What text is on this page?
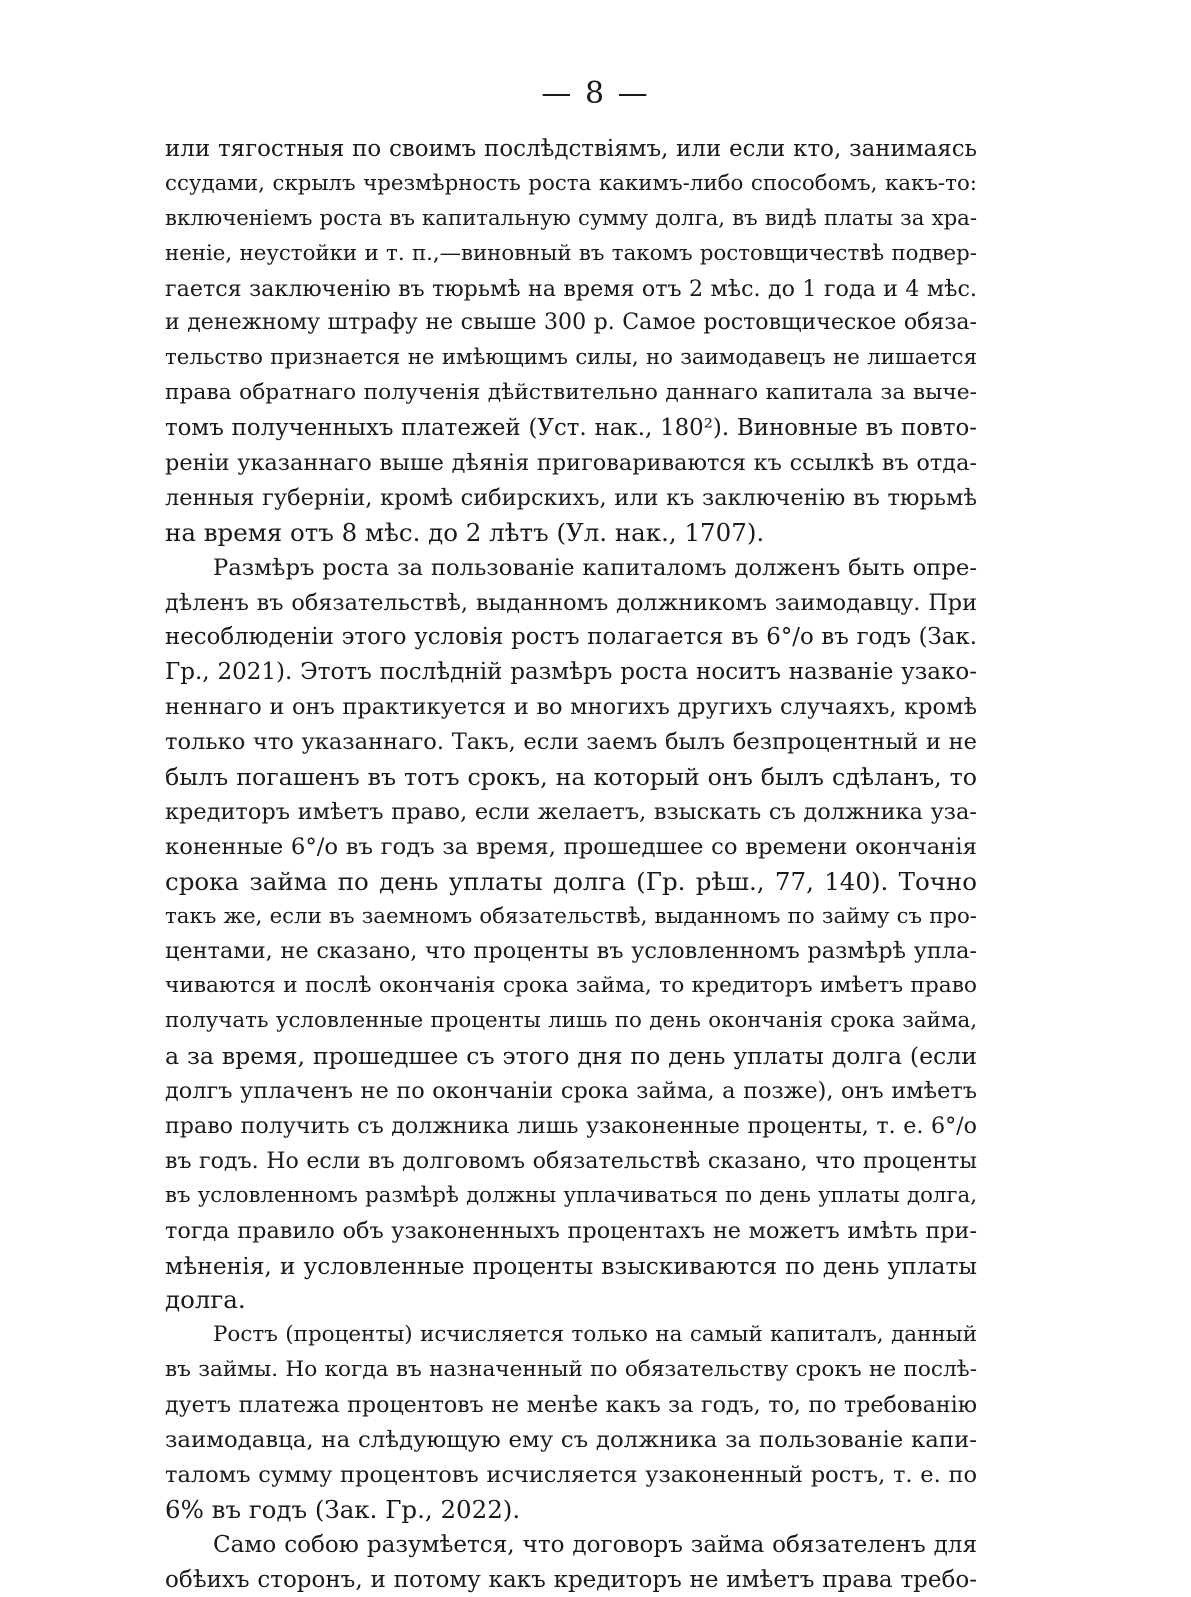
— 8 —
или тягостныя по своимъ послѣдствіямъ, или если кто, занимаясь
ссудами, скрылъ чрезмѣрность роста какимъ-либо способомъ, какъ-то:
включеніемъ роста въ капитальную сумму долга, въ видѣ платы за хра-
неніе, неустойки и т. п.,—виновный въ такомъ ростовщичествѣ подвер-
гается заключенію въ тюрьмѣ на время отъ 2 мѣс. до 1 года и 4 мѣс.
и денежному штрафу не свыше 300 р. Самое ростовщическое обяза-
тельство признается не имѣющимъ силы, но заимодавецъ не лишается
права обратнаго полученія дѣйствительно даннаго капитала за выче-
томъ полученныхъ платежей (Уст. нак., 180²). Виновные въ повто-
реніи указаннаго выше дѣянія приговариваются къ ссылкѣ въ отда-
ленныя губерніи, кромѣ сибирскихъ, или къ заключенію въ тюрьмѣ
на время отъ 8 мѣс. до 2 лѣтъ (Ул. нак., 1707).
Размѣръ роста за пользованіе капиталомъ долженъ быть опре-
дѣленъ въ обязательствѣ, выданномъ должникомъ заимодавцу. При
несоблюденіи этого условія ростъ полагается въ 6°/о въ годъ (Зак.
Гр., 2021). Этотъ послѣдній размѣръ роста носитъ названіе узако-
неннаго и онъ практикуется и во многихъ другихъ случаяхъ, кромѣ
только что указаннаго. Такъ, если заемъ былъ безпроцентный и не
былъ погашенъ въ тотъ срокъ, на который онъ былъ сдѣланъ, то
кредиторъ имѣетъ право, если желаетъ, взыскать съ должника уза-
коненные 6°/о въ годъ за время, прошедшее со времени окончанія
срока займа по день уплаты долга (Гр. рѣш., 77, 140). Точно
такъ же, если въ заемномъ обязательствѣ, выданномъ по займу съ про-
центами, не сказано, что проценты въ условленномъ размѣрѣ упла-
чиваются и послѣ окончанія срока займа, то кредиторъ имѣетъ право
получать условленные проценты лишь по день окончанія срока займа,
а за время, прошедшее съ этого дня по день уплаты долга (если
долгъ уплаченъ не по окончаніи срока займа, а позже), онъ имѣетъ
право получить съ должника лишь узаконенные проценты, т. е. 6°/о
въ годъ. Но если въ долговомъ обязательствѣ сказано, что проценты
въ условленномъ размѣрѣ должны уплачиваться по день уплаты долга,
тогда правило объ узаконенныхъ процентахъ не можетъ имѣть при-
мѣненія, и условленные проценты взыскиваются по день уплаты
долга.
Ростъ (проценты) исчисляется только на самый капиталъ, данный
въ займы. Но когда въ назначенный по обязательству срокъ не послѣ-
дуетъ платежа процентовъ не менѣе какъ за годъ, то, по требованію
заимодавца, на слѣдующую ему съ должника за пользованіе капи-
таломъ сумму процентовъ исчисляется узаконенный ростъ, т. е. по
6% въ годъ (Зак. Гр., 2022).
Само собою разумѣется, что договоръ займа обязателенъ для
обѣихъ сторонъ, и потому какъ кредиторъ не имѣетъ права требо-
